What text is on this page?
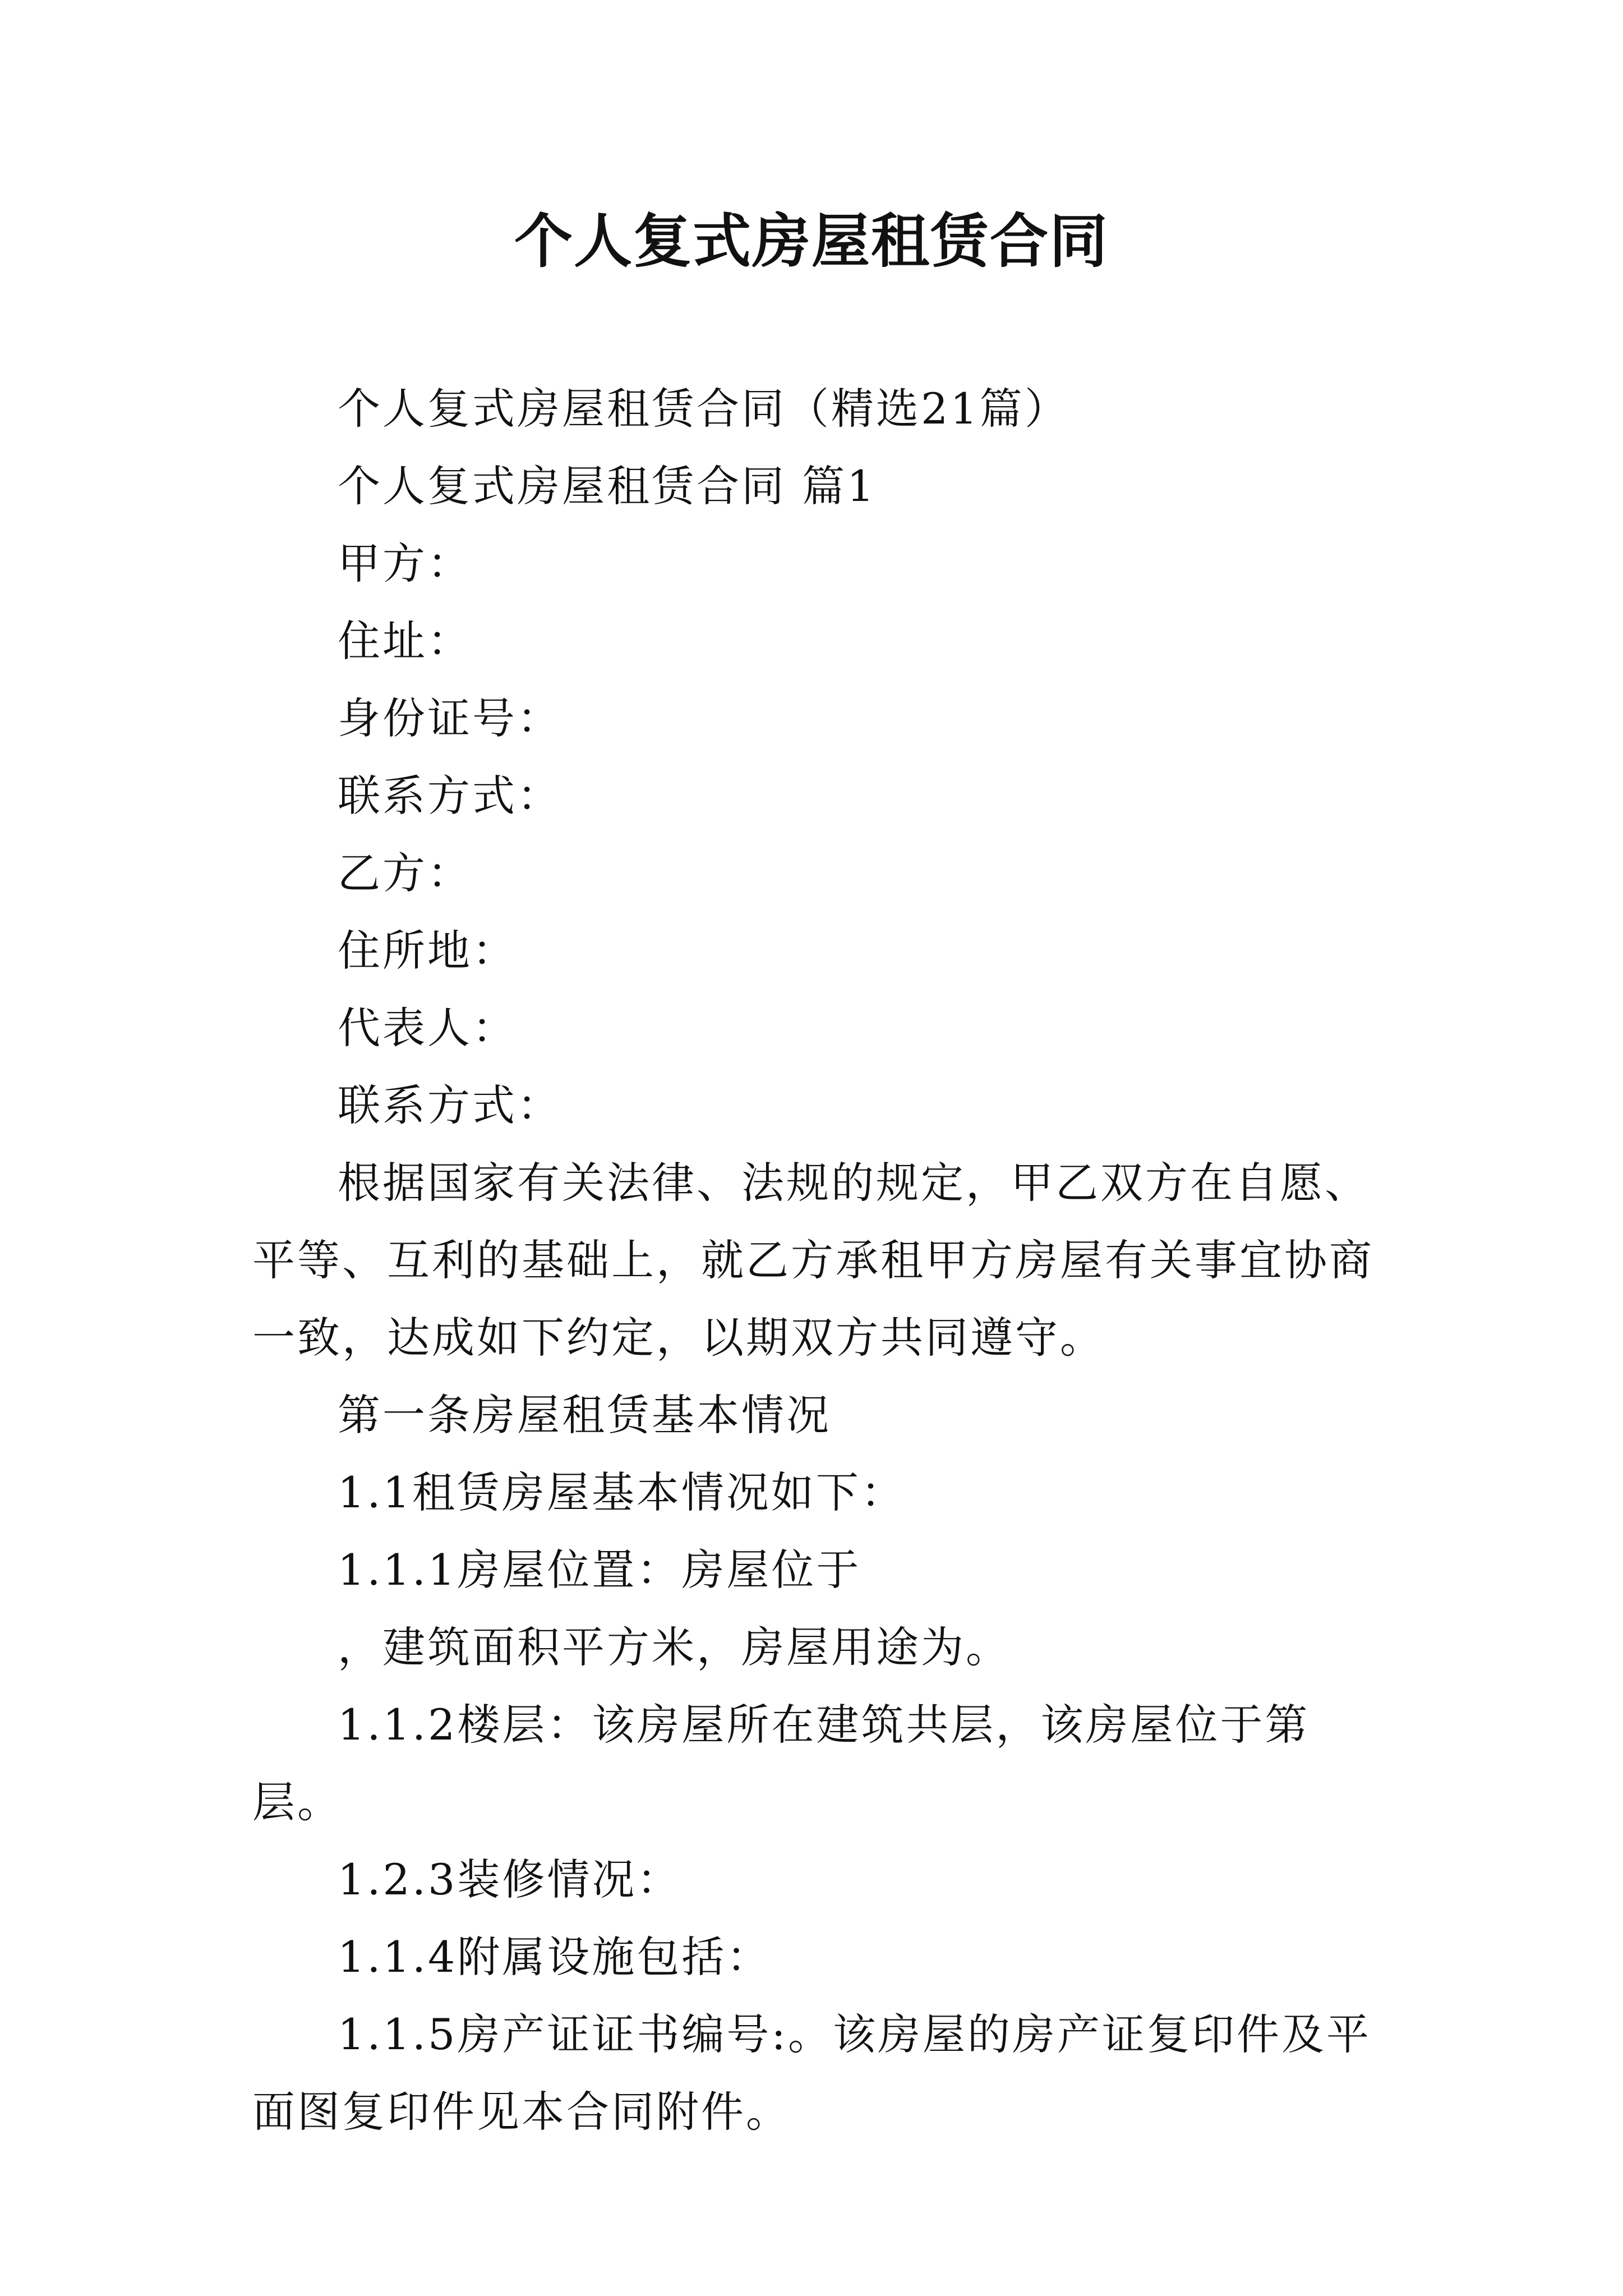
个人复式房屋租赁合同

个人复式房屋租赁合同（精选21篇）

个人复式房屋租赁合同 篇1

甲方：

住址：

身份证号：

联系方式：

乙方：

住所地：

代表人：

联系方式：

根据国家有关法律、法规的规定，甲乙双方在自愿、平等、互利的基础上，就乙方承租甲方房屋有关事宜协商一致，达成如下约定，以期双方共同遵守。

第一条房屋租赁基本情况

1.1租赁房屋基本情况如下：

1.1.1房屋位置：房屋位于

，建筑面积平方米，房屋用途为。

1.1.2楼层：该房屋所在建筑共层，该房屋位于第层。

1.2.3装修情况：

1.1.4附属设施包括：

1.1.5房产证证书编号:。该房屋的房产证复印件及平面图复印件见本合同附件。
